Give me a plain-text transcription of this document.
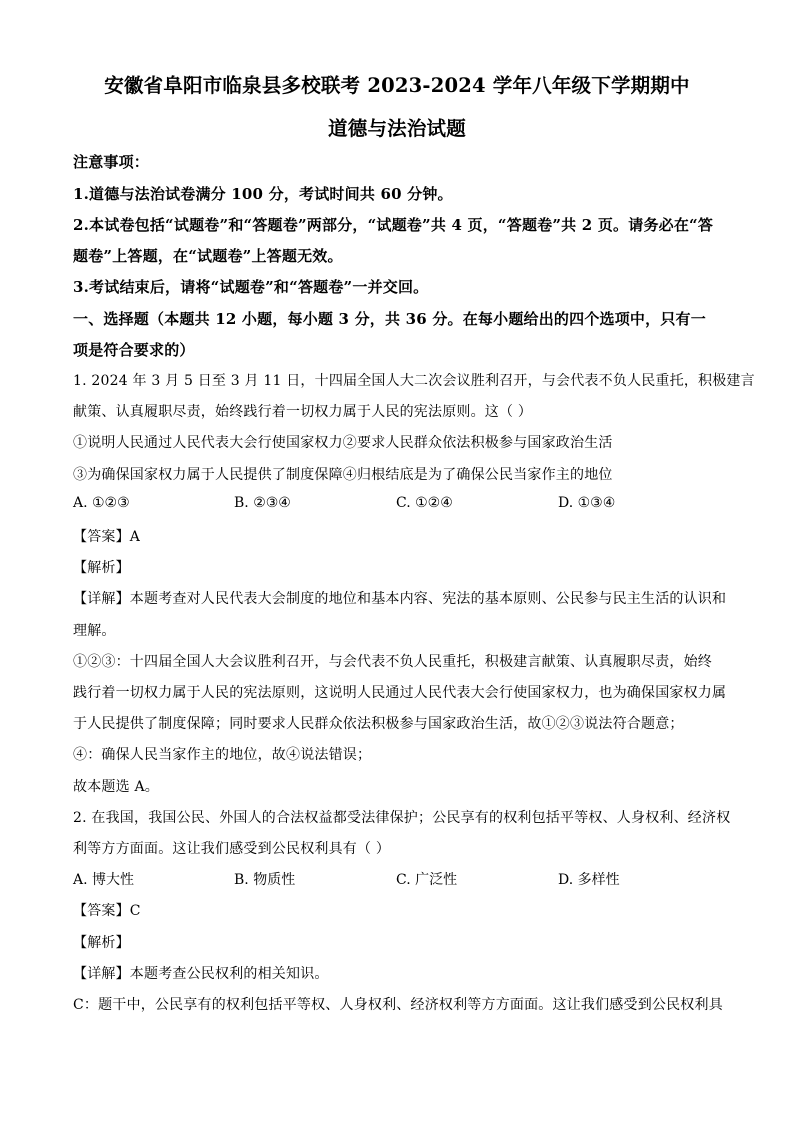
安徽省阜阳市临泉县多校联考 2023-2024 学年八年级下学期期中
道德与法治试题
注意事项：
1.道德与法治试卷满分 100 分，考试时间共 60 分钟。
2.本试卷包括“试题卷”和“答题卷”两部分，“试题卷”共 4 页，“答题卷”共 2 页。请务必在“答
题卷”上答题，在“试题卷”上答题无效。
3.考试结束后，请将“试题卷”和“答题卷”一并交回。
一、选择题（本题共 12 小题，每小题 3 分，共 36 分。在每小题给出的四个选项中，只有一
项是符合要求的）
1. 2024 年 3 月 5 日至 3 月 11 日，十四届全国人大二次会议胜利召开，与会代表不负人民重托，积极建言
献策、认真履职尽责，始终践行着一切权力属于人民的宪法原则。这（ ）
①说明人民通过人民代表大会行使国家权力②要求人民群众依法积极参与国家政治生活
③为确保国家权力属于人民提供了制度保障④归根结底是为了确保公民当家作主的地位
A. ①②③	B. ②③④	C. ①②④	D. ①③④
【答案】A
【解析】
【详解】本题考查对人民代表大会制度的地位和基本内容、宪法的基本原则、公民参与民主生活的认识和
理解。
①②③：十四届全国人大会议胜利召开，与会代表不负人民重托，积极建言献策、认真履职尽责，始终
践行着一切权力属于人民的宪法原则，这说明人民通过人民代表大会行使国家权力，也为确保国家权力属
于人民提供了制度保障；同时要求人民群众依法积极参与国家政治生活，故①②③说法符合题意；
④：确保人民当家作主的地位，故④说法错误；
故本题选 A。
2. 在我国，我国公民、外国人的合法权益都受法律保护；公民享有的权利包括平等权、人身权利、经济权
利等方方面面。这让我们感受到公民权利具有（ ）
A. 博大性	B. 物质性	C. 广泛性	D. 多样性
【答案】C
【解析】
【详解】本题考查公民权利的相关知识。
C：题干中，公民享有的权利包括平等权、人身权利、经济权利等方方面面。这让我们感受到公民权利具
